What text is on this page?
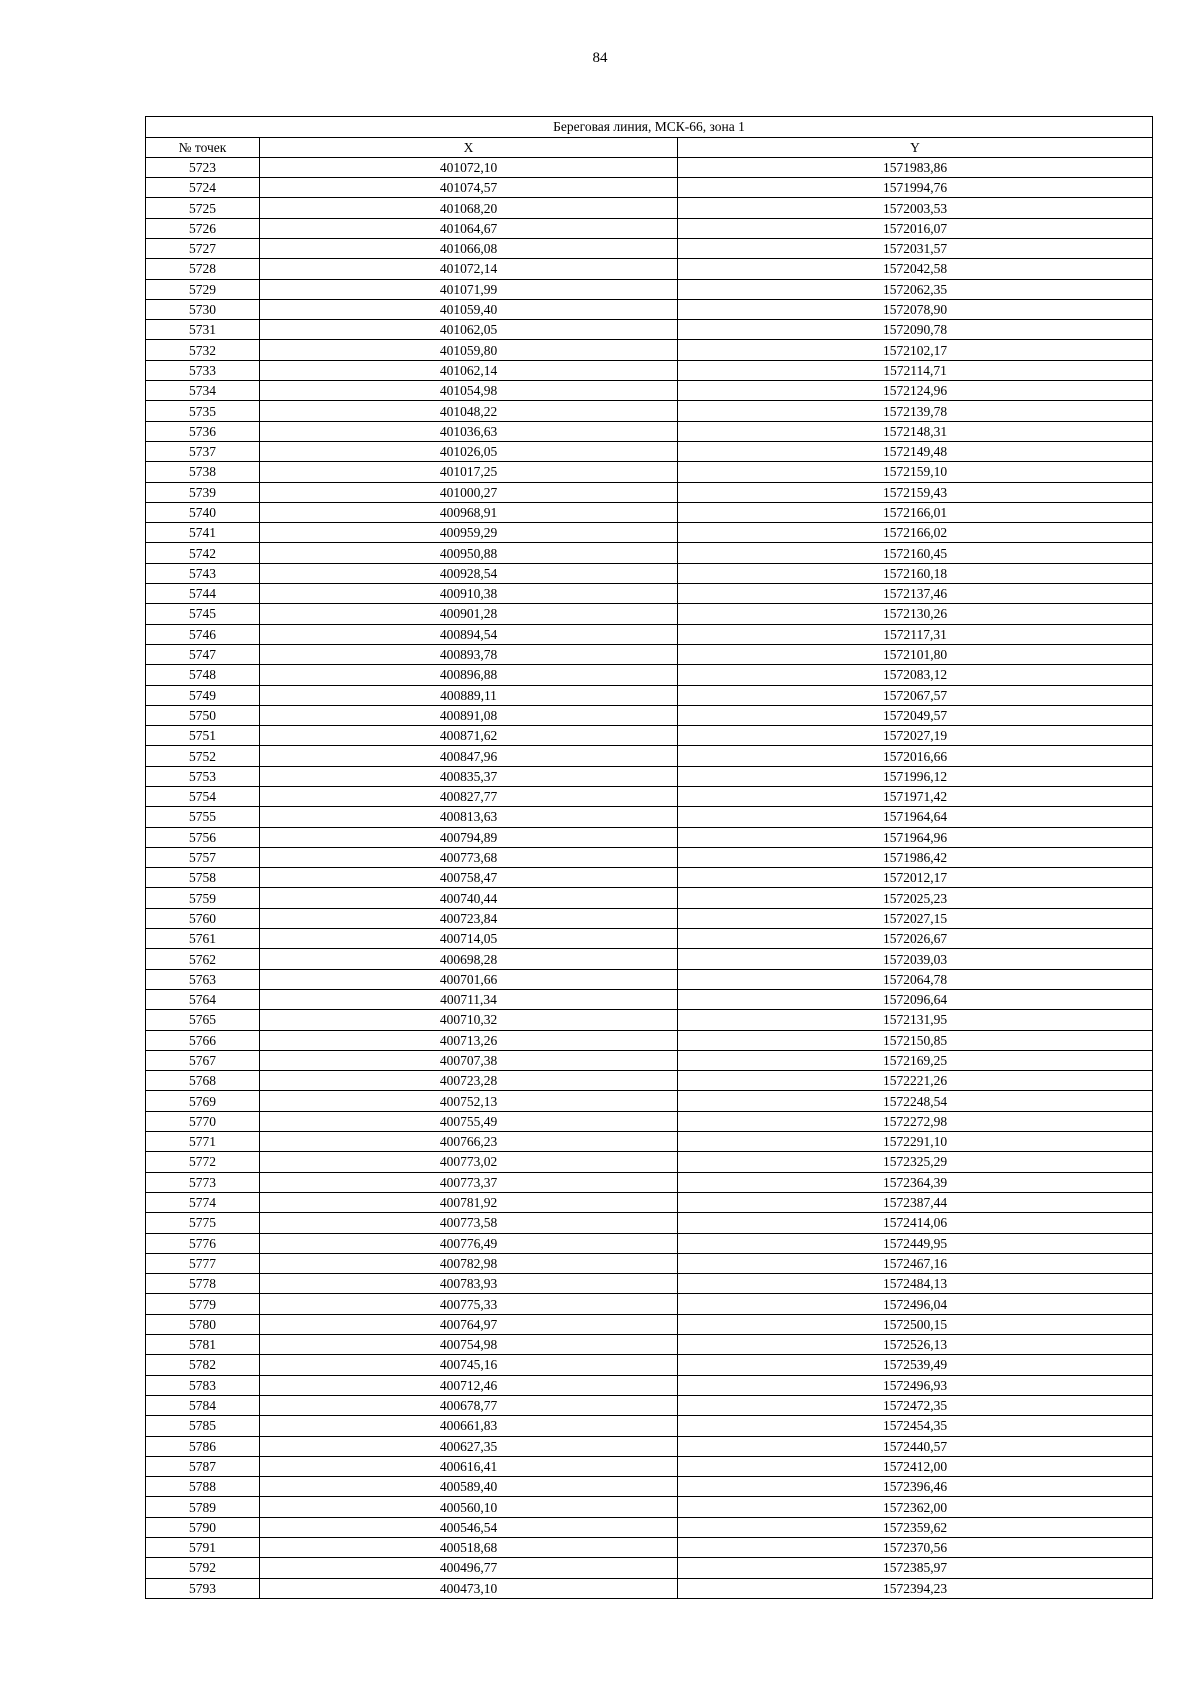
84
Береговая линия, МСК-66, зона 1		
№ точек	X	Y
5723	401072,10	1571983,86
5724	401074,57	1571994,76
5725	401068,20	1572003,53
5726	401064,67	1572016,07
5727	401066,08	1572031,57
5728	401072,14	1572042,58
5729	401071,99	1572062,35
5730	401059,40	1572078,90
5731	401062,05	1572090,78
5732	401059,80	1572102,17
5733	401062,14	1572114,71
5734	401054,98	1572124,96
5735	401048,22	1572139,78
5736	401036,63	1572148,31
5737	401026,05	1572149,48
5738	401017,25	1572159,10
5739	401000,27	1572159,43
5740	400968,91	1572166,01
5741	400959,29	1572166,02
5742	400950,88	1572160,45
5743	400928,54	1572160,18
5744	400910,38	1572137,46
5745	400901,28	1572130,26
5746	400894,54	1572117,31
5747	400893,78	1572101,80
5748	400896,88	1572083,12
5749	400889,11	1572067,57
5750	400891,08	1572049,57
5751	400871,62	1572027,19
5752	400847,96	1572016,66
5753	400835,37	1571996,12
5754	400827,77	1571971,42
5755	400813,63	1571964,64
5756	400794,89	1571964,96
5757	400773,68	1571986,42
5758	400758,47	1572012,17
5759	400740,44	1572025,23
5760	400723,84	1572027,15
5761	400714,05	1572026,67
5762	400698,28	1572039,03
5763	400701,66	1572064,78
5764	400711,34	1572096,64
5765	400710,32	1572131,95
5766	400713,26	1572150,85
5767	400707,38	1572169,25
5768	400723,28	1572221,26
5769	400752,13	1572248,54
5770	400755,49	1572272,98
5771	400766,23	1572291,10
5772	400773,02	1572325,29
5773	400773,37	1572364,39
5774	400781,92	1572387,44
5775	400773,58	1572414,06
5776	400776,49	1572449,95
5777	400782,98	1572467,16
5778	400783,93	1572484,13
5779	400775,33	1572496,04
5780	400764,97	1572500,15
5781	400754,98	1572526,13
5782	400745,16	1572539,49
5783	400712,46	1572496,93
5784	400678,77	1572472,35
5785	400661,83	1572454,35
5786	400627,35	1572440,57
5787	400616,41	1572412,00
5788	400589,40	1572396,46
5789	400560,10	1572362,00
5790	400546,54	1572359,62
5791	400518,68	1572370,56
5792	400496,77	1572385,97
5793	400473,10	1572394,23
